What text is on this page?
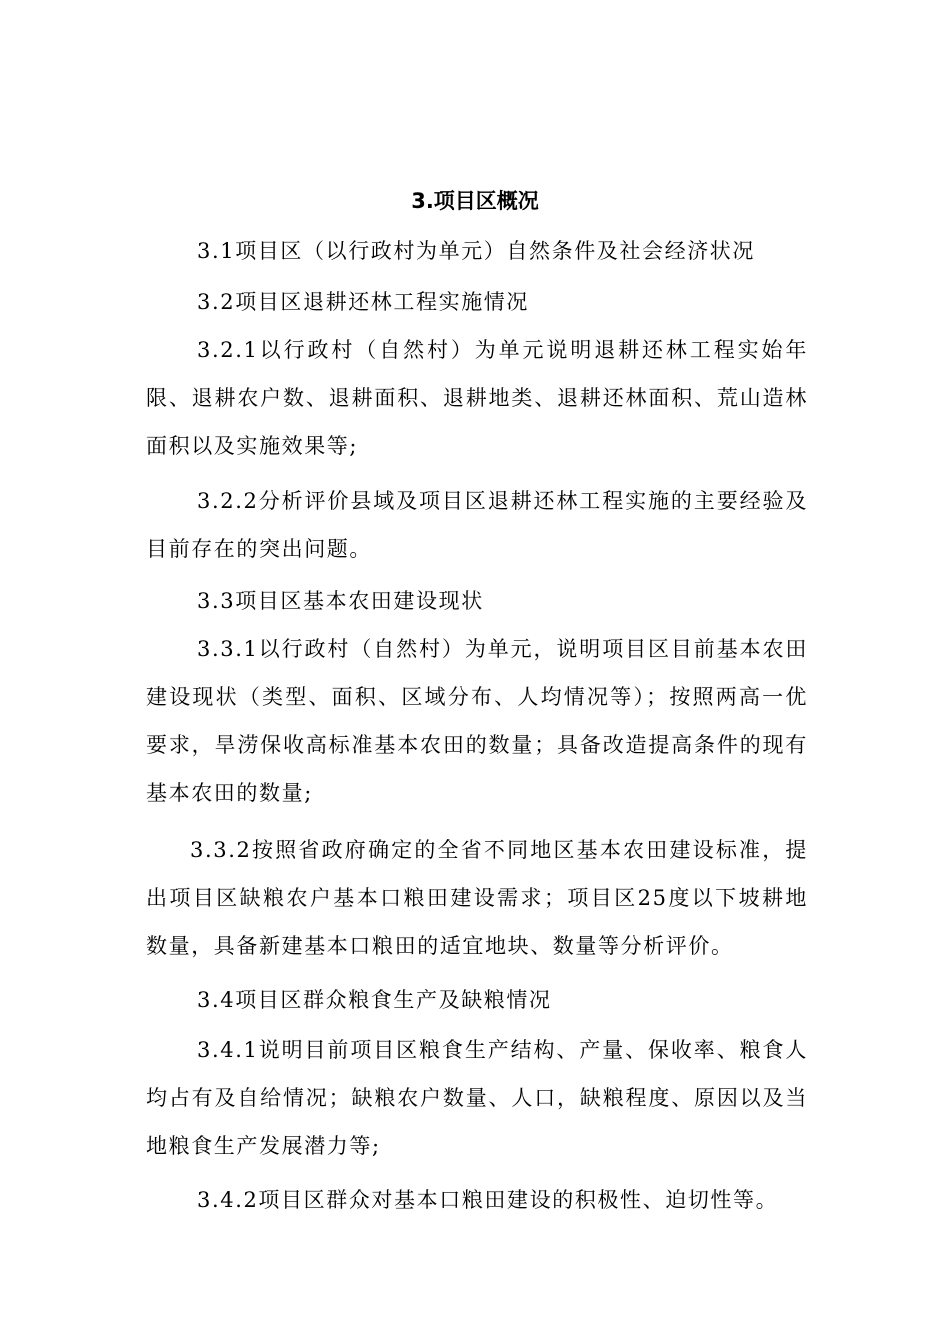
3.项目区概况
3.1项目区（以行政村为单元）自然条件及社会经济状况
3.2项目区退耕还林工程实施情况
3.2.1以行政村（自然村）为单元说明退耕还林工程实始年限、退耕农户数、退耕面积、退耕地类、退耕还林面积、荒山造林面积以及实施效果等;
3.2.2分析评价县域及项目区退耕还林工程实施的主要经验及目前存在的突出问题。
3.3项目区基本农田建设现状
3.3.1以行政村（自然村）为单元，说明项目区目前基本农田建设现状（类型、面积、区域分布、人均情况等）；按照两高一优要求，旱涝保收高标准基本农田的数量；具备改造提高条件的现有基本农田的数量;
3.3.2按照省政府确定的全省不同地区基本农田建设标准，提出项目区缺粮农户基本口粮田建设需求；项目区25度以下坡耕地数量，具备新建基本口粮田的适宜地块、数量等分析评价。
3.4项目区群众粮食生产及缺粮情况
3.4.1说明目前项目区粮食生产结构、产量、保收率、粮食人均占有及自给情况；缺粮农户数量、人口，缺粮程度、原因以及当地粮食生产发展潜力等;
3.4.2项目区群众对基本口粮田建设的积极性、迫切性等。
